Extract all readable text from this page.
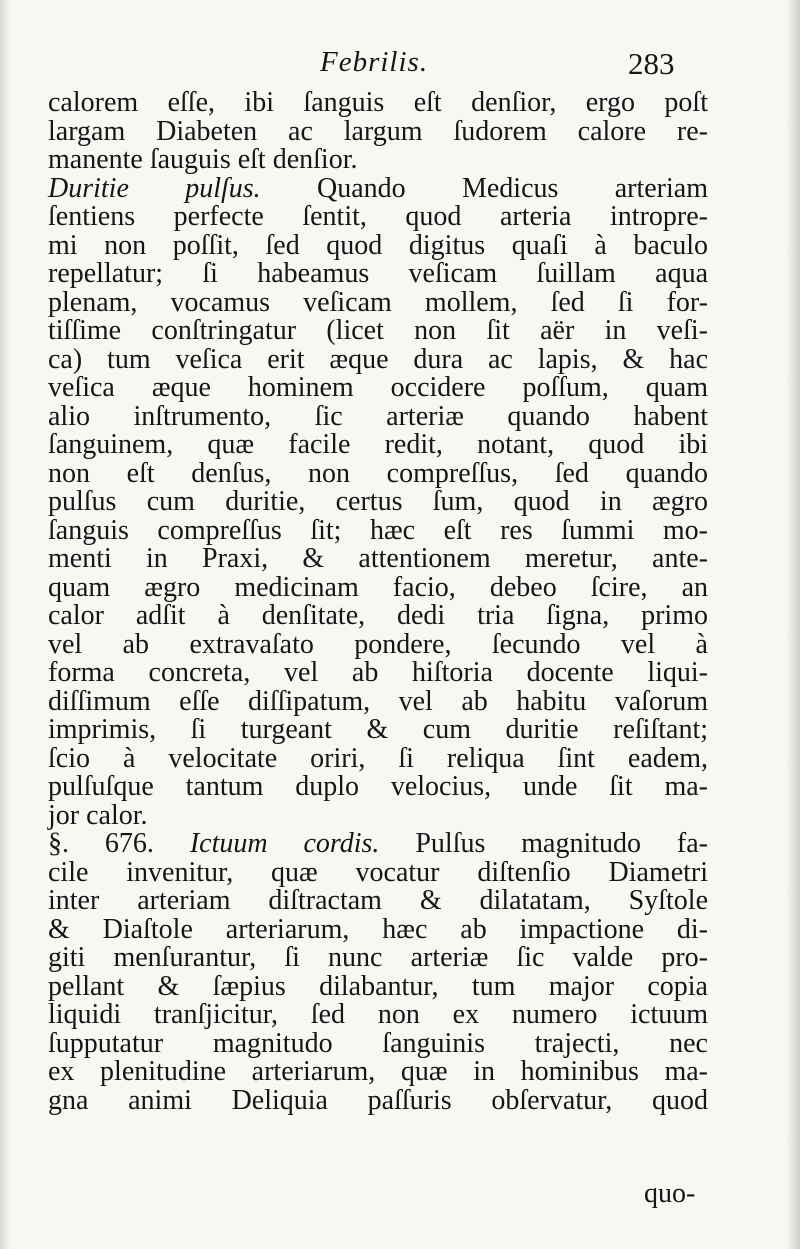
Febrilis.	283
calorem eſſe, ibi ſanguis eſt denſior, ergo poſt
largam Diabeten ac largum ſudorem calore re-
manente ſauguis eſt denſior.
Duritie pulſus. Quando Medicus arteriam
ſentiens perfecte ſentit, quod arteria intropre-
mi non poſſit, ſed quod digitus quaſi à baculo
repellatur; ſi habeamus veſicam ſuillam aqua
plenam, vocamus veſicam mollem, ſed ſi for-
tiſſime conſtringatur (licet non ſit aër in veſi-
ca) tum veſica erit æque dura ac lapis, & hac
veſica æque hominem occidere poſſum, quam
alio inſtrumento, ſic arteriæ quando habent
ſanguinem, quæ facile redit, notant, quod ibi
non eſt denſus, non compreſſus, ſed quando
pulſus cum duritie, certus ſum, quod in ægro
ſanguis compreſſus ſit; hæc eſt res ſummi mo-
menti in Praxi, & attentionem meretur, ante-
quam ægro medicinam facio, debeo ſcire, an
calor adſit à denſitate, dedi tria ſigna, primo
vel ab extravaſato pondere, ſecundo vel à
forma concreta, vel ab hiſtoria docente liqui-
diſſimum eſſe diſſipatum, vel ab habitu vaſorum
imprimis, ſi turgeant & cum duritie reſiſtant;
ſcio à velocitate oriri, ſi reliqua ſint eadem,
pulſuſque tantum duplo velocius, unde ſit ma-
jor calor.
§. 676. Ictuum cordis. Pulſus magnitudo fa-
cile invenitur, quæ vocatur diſtenſio Diametri
inter arteriam diſtractam & dilatatam, Syſtole
& Diaſtole arteriarum, hæc ab impactione di-
giti menſurantur, ſi nunc arteriæ ſic valde pro-
pellant & ſæpius dilabantur, tum major copia
liquidi tranſjicitur, ſed non ex numero ictuum
ſupputatur magnitudo ſanguinis trajecti, nec
ex plenitudine arteriarum, quæ in hominibus ma-
gna animi Deliquia paſſuris obſervatur, quod
quo-
